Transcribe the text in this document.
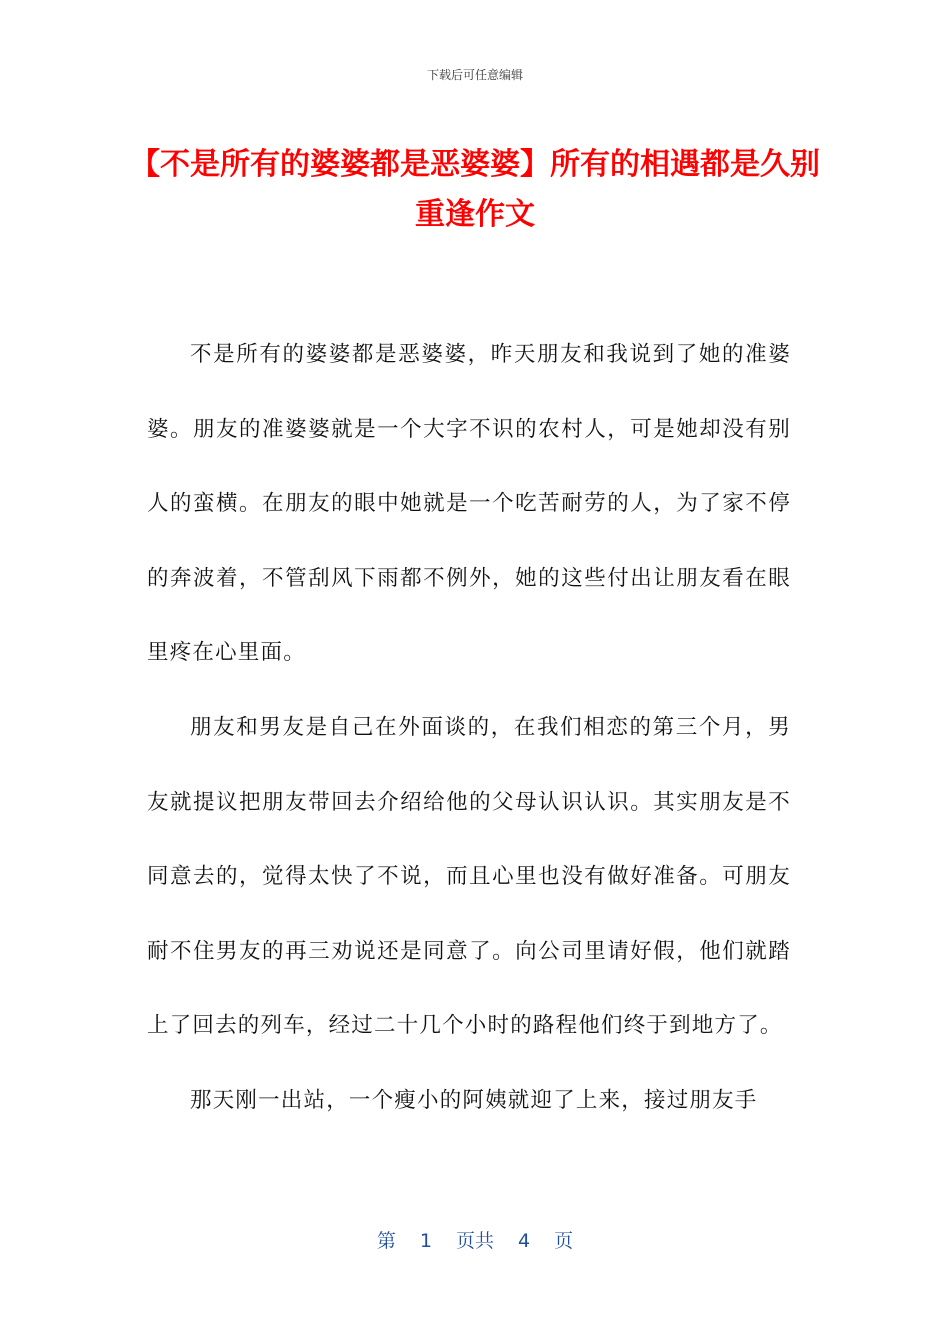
下载后可任意编辑
【不是所有的婆婆都是恶婆婆】所有的相遇都是久别重逢作文

不是所有的婆婆都是恶婆婆，昨天朋友和我说到了她的准婆婆。朋友的准婆婆就是一个大字不识的农村人，可是她却没有别人的蛮横。在朋友的眼中她就是一个吃苦耐劳的人，为了家不停的奔波着，不管刮风下雨都不例外，她的这些付出让朋友看在眼里疼在心里面。

朋友和男友是自己在外面谈的，在我们相恋的第三个月，男友就提议把朋友带回去介绍给他的父母认识认识。其实朋友是不同意去的，觉得太快了不说，而且心里也没有做好准备。可朋友耐不住男友的再三劝说还是同意了。向公司里请好假，他们就踏上了回去的列车，经过二十几个小时的路程他们终于到地方了。

那天刚一出站，一个瘦小的阿姨就迎了上来，接过朋友手

第 1 页共 4 页
